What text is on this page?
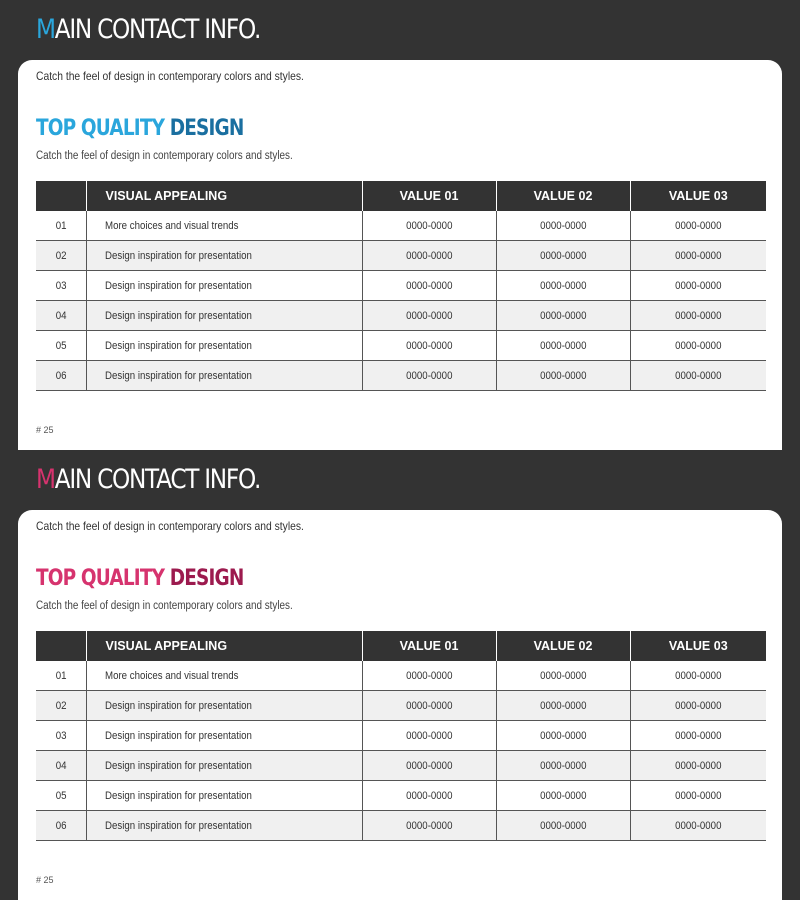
MAIN CONTACT INFO.
Catch the feel of design in contemporary colors and styles.
TOP QUALITY DESIGN
Catch the feel of design in contemporary colors and styles.
	VISUAL APPEALING	VALUE 01	VALUE 02	VALUE 03
01	More choices and visual trends	0000-0000	0000-0000	0000-0000
02	Design inspiration for presentation	0000-0000	0000-0000	0000-0000
03	Design inspiration for presentation	0000-0000	0000-0000	0000-0000
04	Design inspiration for presentation	0000-0000	0000-0000	0000-0000
05	Design inspiration for presentation	0000-0000	0000-0000	0000-0000
06	Design inspiration for presentation	0000-0000	0000-0000	0000-0000
# 25
MAIN CONTACT INFO.
Catch the feel of design in contemporary colors and styles.
TOP QUALITY DESIGN
Catch the feel of design in contemporary colors and styles.
	VISUAL APPEALING	VALUE 01	VALUE 02	VALUE 03
01	More choices and visual trends	0000-0000	0000-0000	0000-0000
02	Design inspiration for presentation	0000-0000	0000-0000	0000-0000
03	Design inspiration for presentation	0000-0000	0000-0000	0000-0000
04	Design inspiration for presentation	0000-0000	0000-0000	0000-0000
05	Design inspiration for presentation	0000-0000	0000-0000	0000-0000
06	Design inspiration for presentation	0000-0000	0000-0000	0000-0000
# 25
